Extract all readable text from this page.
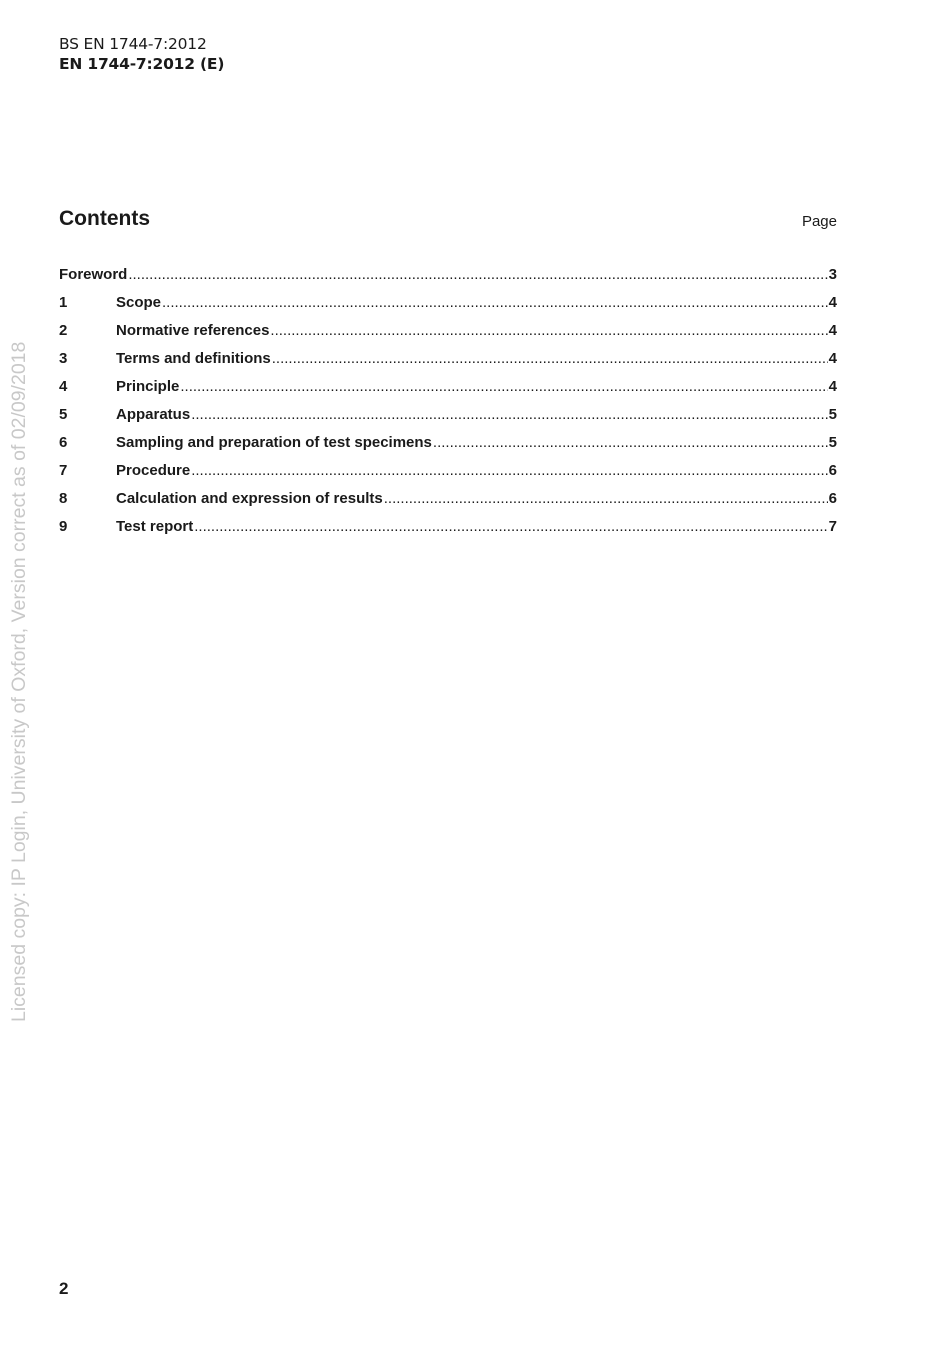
BS EN 1744-7:2012
EN 1744-7:2012 (E)
Contents	Page
Foreword .....	3
1	Scope .....	4
2	Normative references .....	4
3	Terms and definitions .....	4
4	Principle .....	4
5	Apparatus .....	5
6	Sampling and preparation of test specimens .....	5
7	Procedure .....	6
8	Calculation and expression of results .....	6
9	Test report .....	7
Licensed copy: IP Login, University of Oxford, Version correct as of 02/09/2018
2
